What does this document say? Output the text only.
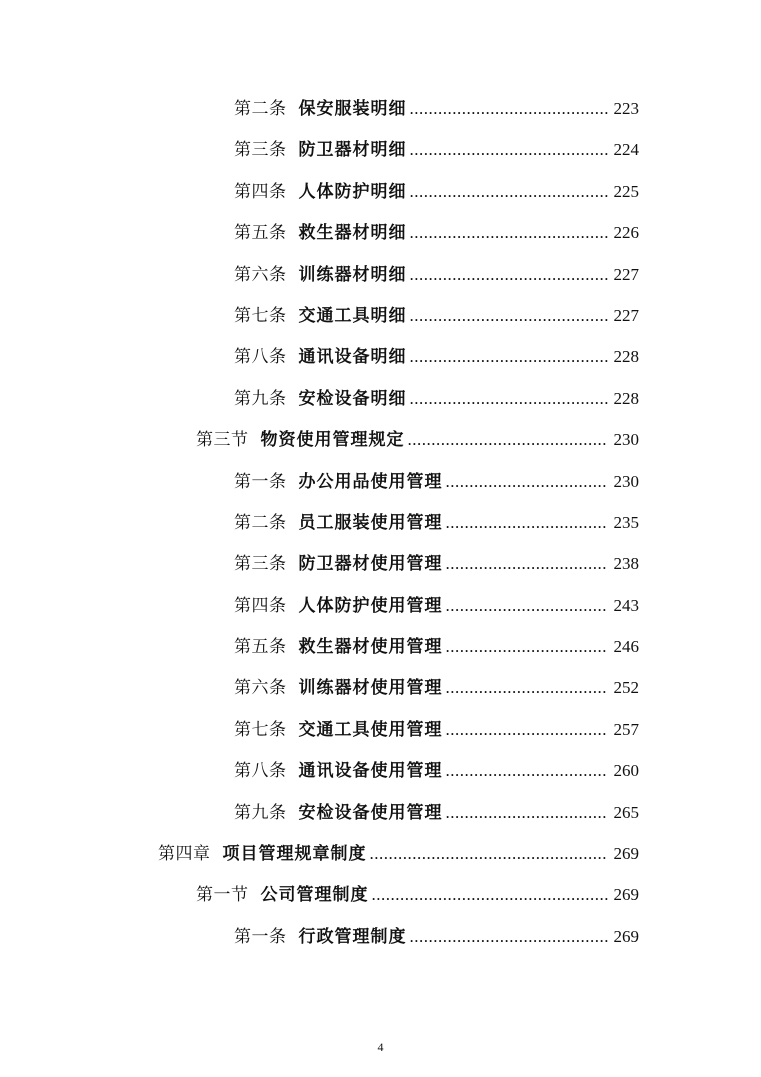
第二条 保安服装明细 .....	223
第三条 防卫器材明细 .....	224
第四条 人体防护明细 .....	225
第五条 救生器材明细 .....	226
第六条 训练器材明细 .....	227
第七条 交通工具明细 .....	227
第八条 通讯设备明细 .....	228
第九条 安检设备明细 .....	228
第三节 物资使用管理规定 .....	230
第一条 办公用品使用管理 .....	230
第二条 员工服装使用管理 .....	235
第三条 防卫器材使用管理 .....	238
第四条 人体防护使用管理 .....	243
第五条 救生器材使用管理 .....	246
第六条 训练器材使用管理 .....	252
第七条 交通工具使用管理 .....	257
第八条 通讯设备使用管理 .....	260
第九条 安检设备使用管理 .....	265
第四章 项目管理规章制度 .....	269
第一节 公司管理制度 .....	269
第一条 行政管理制度 .....	269
4
